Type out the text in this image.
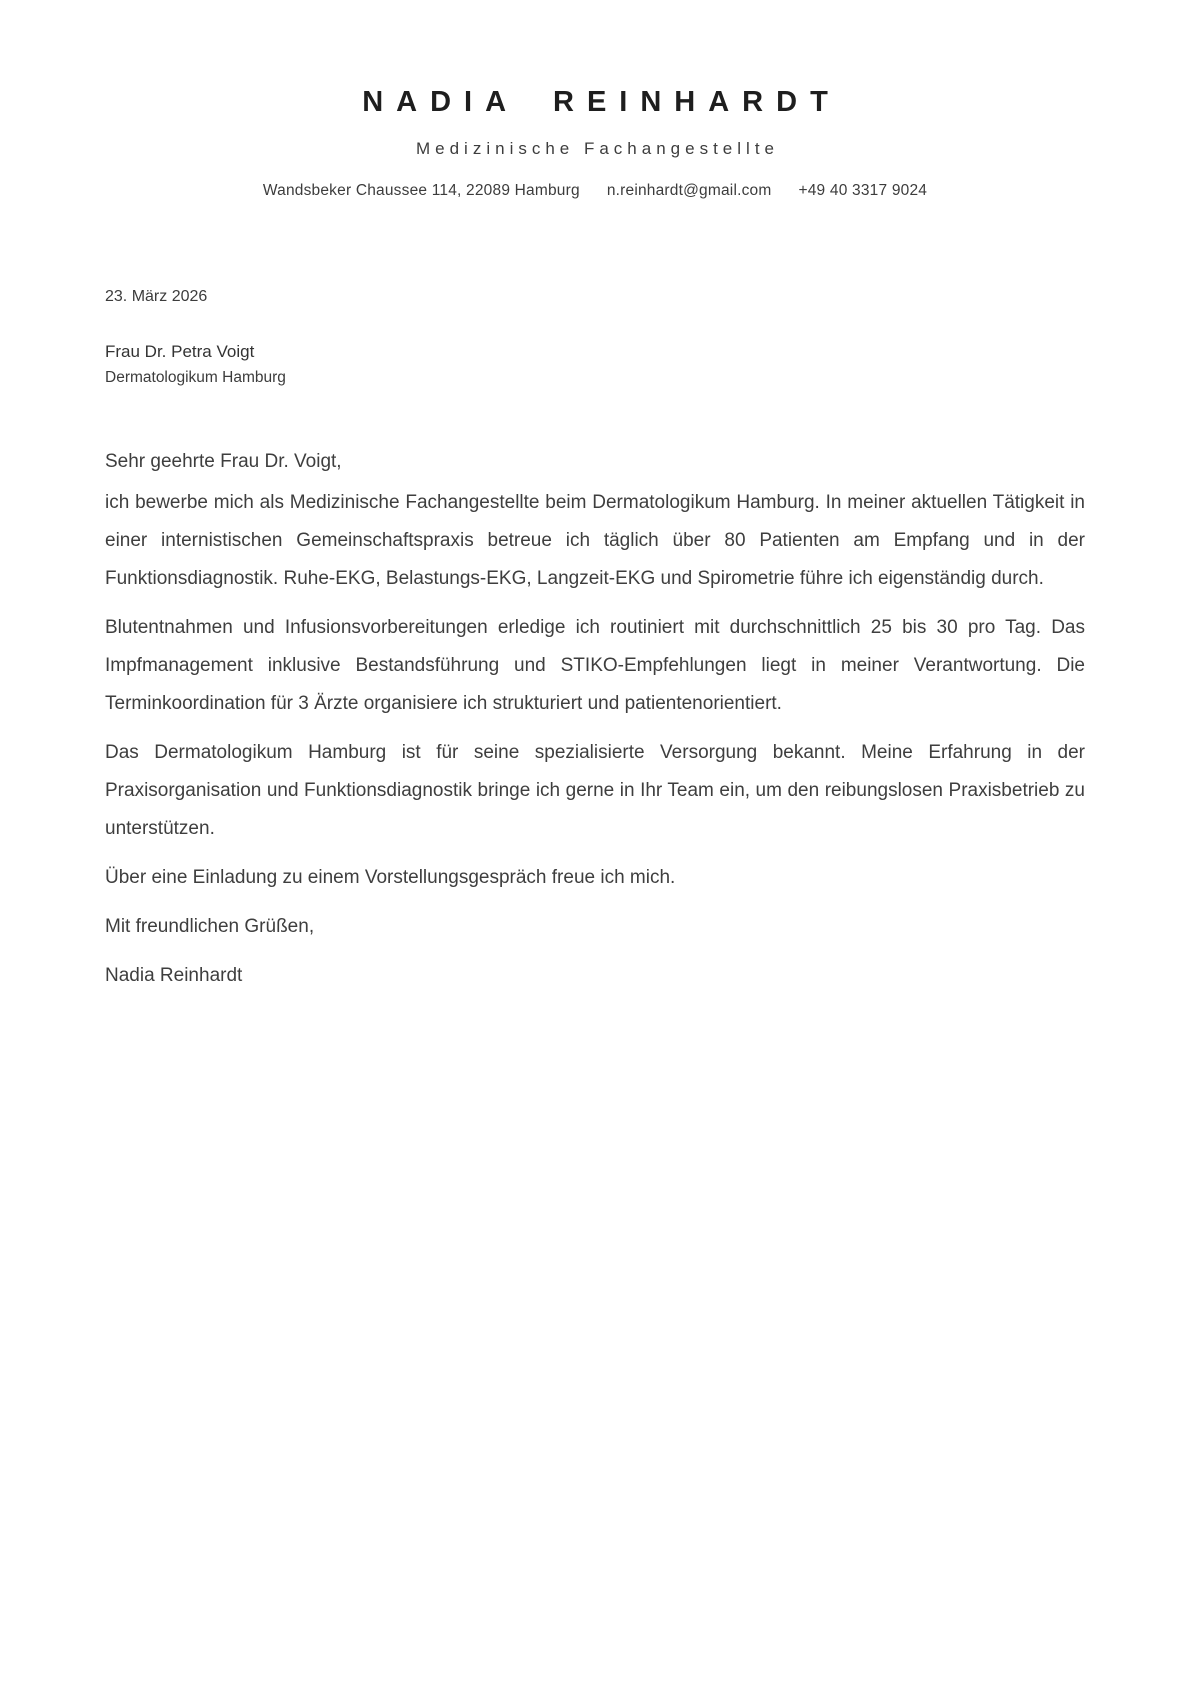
NADIA REINHARDT
Medizinische Fachangestellte
Wandsbeker Chaussee 114, 22089 Hamburg n.reinhardt@gmail.com +49 40 3317 9024
23. März 2026
Frau Dr. Petra Voigt
Dermatologikum Hamburg
Sehr geehrte Frau Dr. Voigt,

ich bewerbe mich als Medizinische Fachangestellte beim Dermatologikum Hamburg. In meiner aktuellen Tätigkeit in einer internistischen Gemeinschaftspraxis betreue ich täglich über 80 Patienten am Empfang und in der Funktionsdiagnostik. Ruhe-EKG, Belastungs-EKG, Langzeit-EKG und Spirometrie führe ich eigenständig durch.

Blutentnahmen und Infusionsvorbereitungen erledige ich routiniert mit durchschnittlich 25 bis 30 pro Tag. Das Impfmanagement inklusive Bestandsführung und STIKO-Empfehlungen liegt in meiner Verantwortung. Die Terminkoordination für 3 Ärzte organisiere ich strukturiert und patientenorientiert.

Das Dermatologikum Hamburg ist für seine spezialisierte Versorgung bekannt. Meine Erfahrung in der Praxisorganisation und Funktionsdiagnostik bringe ich gerne in Ihr Team ein, um den reibungslosen Praxisbetrieb zu unterstützen.

Über eine Einladung zu einem Vorstellungsgespräch freue ich mich.

Mit freundlichen Grüßen,
Nadia Reinhardt
